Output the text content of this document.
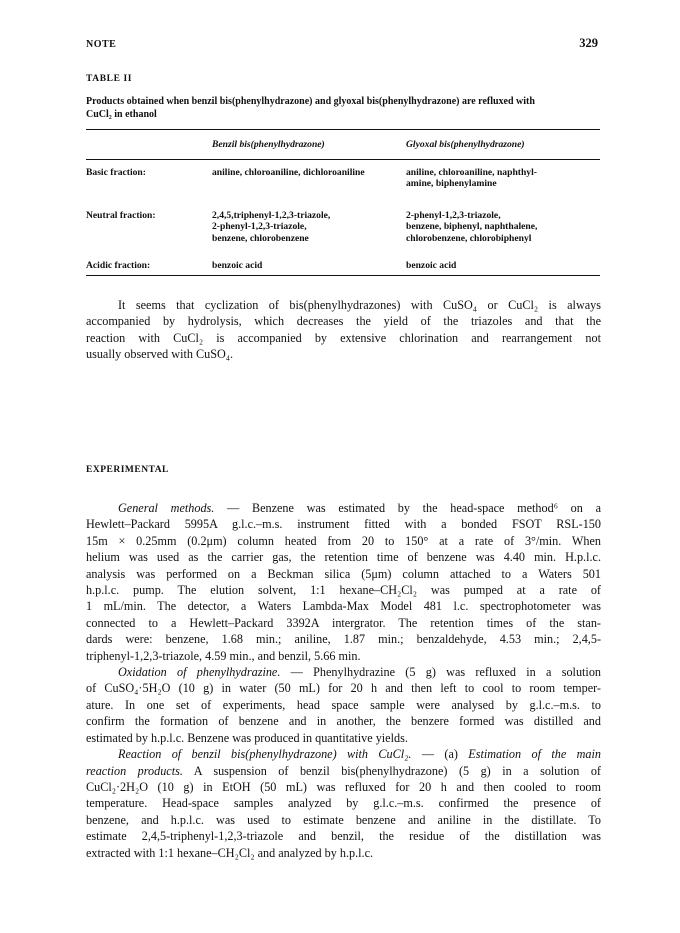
NOTE	329
TABLE II
Products obtained when benzil bis(phenylhydrazone) and glyoxal bis(phenylhydrazone) are refluxed with
CuCl₂ in ethanol
	Benzil bis(phenylhydrazone)	Glyoxal bis(phenylhydrazone)
Basic fraction:	aniline, chloroaniline, dichloroaniline	aniline, chloroaniline, naphthyl-
amine, biphenylamine

Neutral fraction:	2,4,5,triphenyl-1,2,3-triazole,
2-phenyl-1,2,3-triazole,
benzene, chlorobenzene	2-phenyl-1,2,3-triazole,
benzene, biphenyl, naphthalene,
chlorobenzene, chlorobiphenyl

Acidic fraction:	benzoic acid	benzoic acid
It seems that cyclization of bis(phenylhydrazones) with CuSO₄ or CuCl₂ is always
accompanied by hydrolysis, which decreases the yield of the triazoles and that the
reaction with CuCl₂ is accompanied by extensive chlorination and rearrangement not
usually observed with CuSO₄.
EXPERIMENTAL
General methods. — Benzene was estimated by the head-space method⁶ on a
Hewlett–Packard 5995A g.l.c.–m.s. instrument fitted with a bonded FSOT RSL-150
15m × 0.25mm (0.2μm) column heated from 20 to 150° at a rate of 3°/min. When
helium was used as the carrier gas, the retention time of benzene was 4.40 min. H.p.l.c.
analysis was performed on a Beckman silica (5μm) column attached to a Waters 501
h.p.l.c. pump. The elution solvent, 1:1 hexane–CH₂Cl₂ was pumped at a rate of
1 mL/min. The detector, a Waters Lambda-Max Model 481 l.c. spectrophotometer was
connected to a Hewlett–Packard 3392A intergrator. The retention times of the stan-
dards were: benzene, 1.68 min.; aniline, 1.87 min.; benzaldehyde, 4.53 min.; 2,4,5-
triphenyl-1,2,3-triazole, 4.59 min., and benzil, 5.66 min.
Oxidation of phenylhydrazine. — Phenylhydrazine (5 g) was refluxed in a solution
of CuSO₄·5H₂O (10 g) in water (50 mL) for 20 h and then left to cool to room temper-
ature. In one set of experiments, head space sample were analysed by g.l.c.–m.s. to
confirm the formation of benzene and in another, the benzere formed was distilled and
estimated by h.p.l.c. Benzene was produced in quantitative yields.
Reaction of benzil bis(phenylhydrazone) with CuCl₂. — (a) Estimation of the main
reaction products. A suspension of benzil bis(phenylhydrazone) (5 g) in a solution of
CuCl₂·2H₂O (10 g) in EtOH (50 mL) was refluxed for 20 h and then cooled to room
temperature. Head-space samples analyzed by g.l.c.–m.s. confirmed the presence of
benzene, and h.p.l.c. was used to estimate benzene and aniline in the distillate. To
estimate 2,4,5-triphenyl-1,2,3-triazole and benzil, the residue of the distillation was
extracted with 1:1 hexane–CH₂Cl₂ and analyzed by h.p.l.c.
